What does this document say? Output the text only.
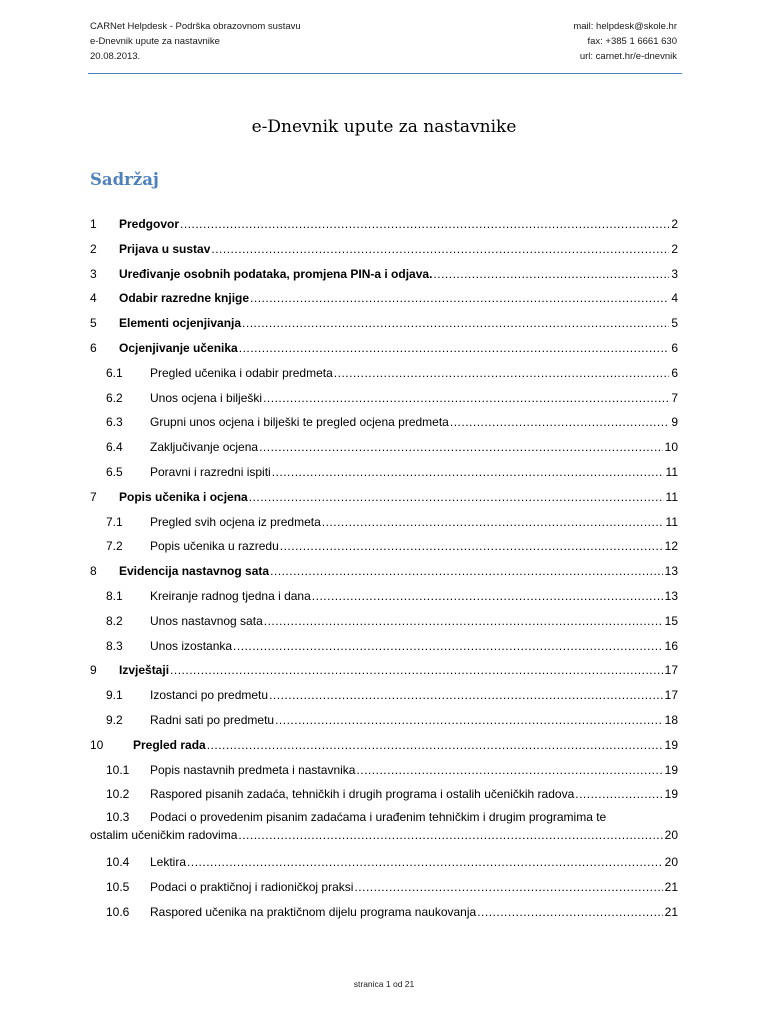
CARNet Helpdesk - Podrška obrazovnom sustavu	mail: helpdesk@skole.hr
e-Dnevnik upute za nastavnike	fax: +385 1 6661 630
20.08.2013.	url: carnet.hr/e-dnevnik
e-Dnevnik upute za nastavnike
Sadržaj
1	Predgovor .....	2
2	Prijava u sustav .....	2
3	Uređivanje osobnih podataka, promjena PIN-a i odjava. .....	3
4	Odabir razredne knjige .....	4
5	Elementi ocjenjivanja .....	5
6	Ocjenjivanje učenika .....	6
6.1	Pregled učenika i odabir predmeta .....	6
6.2	Unos ocjena i bilješki .....	7
6.3	Grupni unos ocjena i bilješki te pregled ocjena predmeta .....	9
6.4	Zaključivanje ocjena .....	10
6.5	Poravni i razredni ispiti .....	11
7	Popis učenika i ocjena .....	11
7.1	Pregled svih ocjena iz predmeta .....	11
7.2	Popis učenika u razredu .....	12
8	Evidencija nastavnog sata .....	13
8.1	Kreiranje radnog tjedna i dana .....	13
8.2	Unos nastavnog sata .....	15
8.3	Unos izostanka .....	16
9	Izvještaji .....	17
9.1	Izostanci po predmetu .....	17
9.2	Radni sati po predmetu .....	18
10	Pregled rada .....	19
10.1	Popis nastavnih predmeta i nastavnika .....	19
10.2	Raspored pisanih zadaća, tehničkih i drugih programa i ostalih učeničkih radova .....	19
10.3	Podaci o provedenim pisanim zadaćama i urađenim tehničkim i drugim programima te
ostalim učeničkim radovima .....	20
10.4	Lektira .....	20
10.5	Podaci o praktičnoj i radioničkoj praksi .....	21
10.6	Raspored učenika na praktičnom dijelu programa naukovanja .....	21
stranica 1 od 21
